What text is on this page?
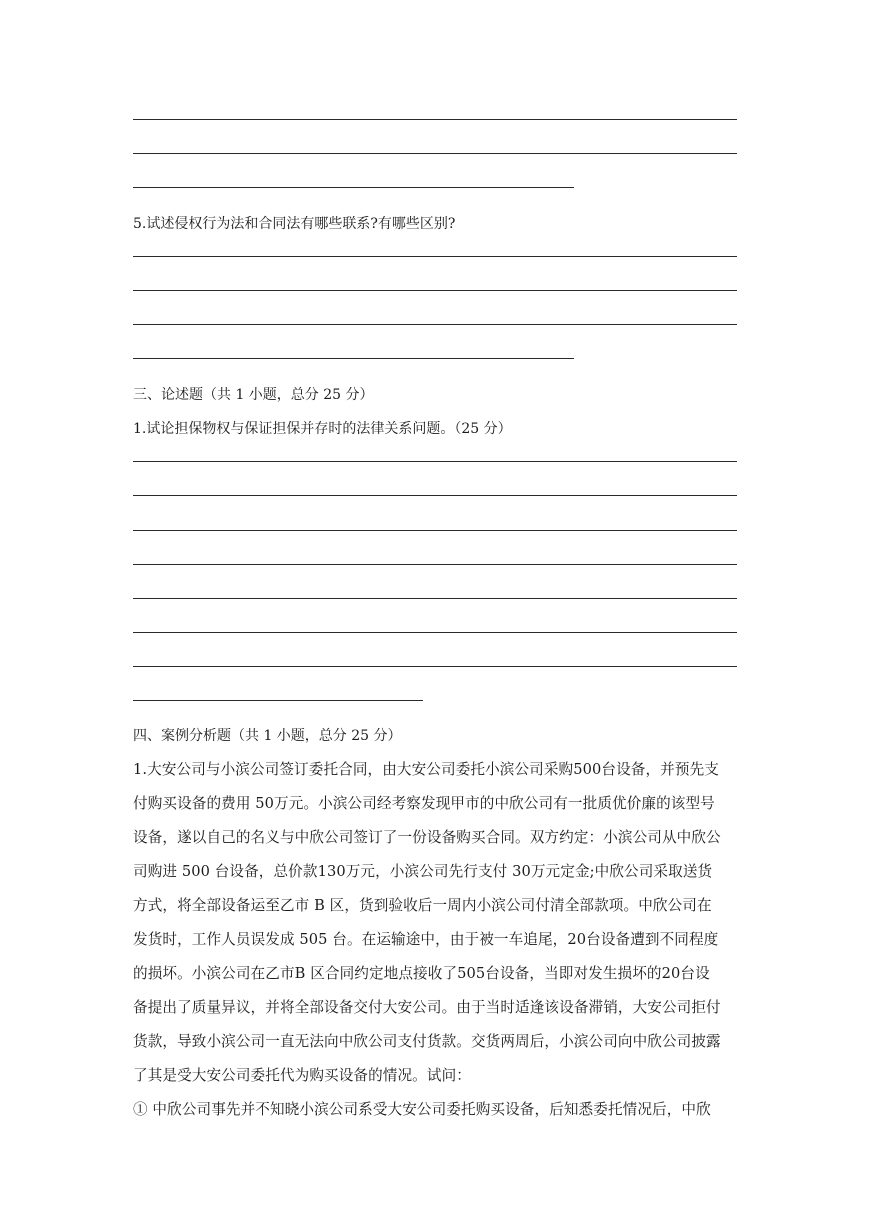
5.试述侵权行为法和合同法有哪些联系?有哪些区别?
三、论述题（共 1 小题，总分 25 分）
1.试论担保物权与保证担保并存时的法律关系问题。（25 分）
四、案例分析题（共 1 小题，总分 25 分）
1.大安公司与小滨公司签订委托合同，由大安公司委托小滨公司采购500台设备，并预先支
付购买设备的费用 50万元。小滨公司经考察发现甲市的中欣公司有一批质优价廉的该型号
设备，遂以自己的名义与中欣公司签订了一份设备购买合同。双方约定：小滨公司从中欣公
司购进 500 台设备，总价款130万元，小滨公司先行支付 30万元定金;中欣公司采取送货
方式，将全部设备运至乙市 B 区，货到验收后一周内小滨公司付清全部款项。中欣公司在
发货时，工作人员误发成 505 台。在运输途中，由于被一车追尾，20台设备遭到不同程度
的损坏。小滨公司在乙市B 区合同约定地点接收了505台设备，当即对发生损坏的20台设
备提出了质量异议，并将全部设备交付大安公司。由于当时适逢该设备滞销，大安公司拒付
货款，导致小滨公司一直无法向中欣公司支付货款。交货两周后，小滨公司向中欣公司披露
了其是受大安公司委托代为购买设备的情况。试问：
① 中欣公司事先并不知晓小滨公司系受大安公司委托购买设备，后知悉委托情况后，中欣
